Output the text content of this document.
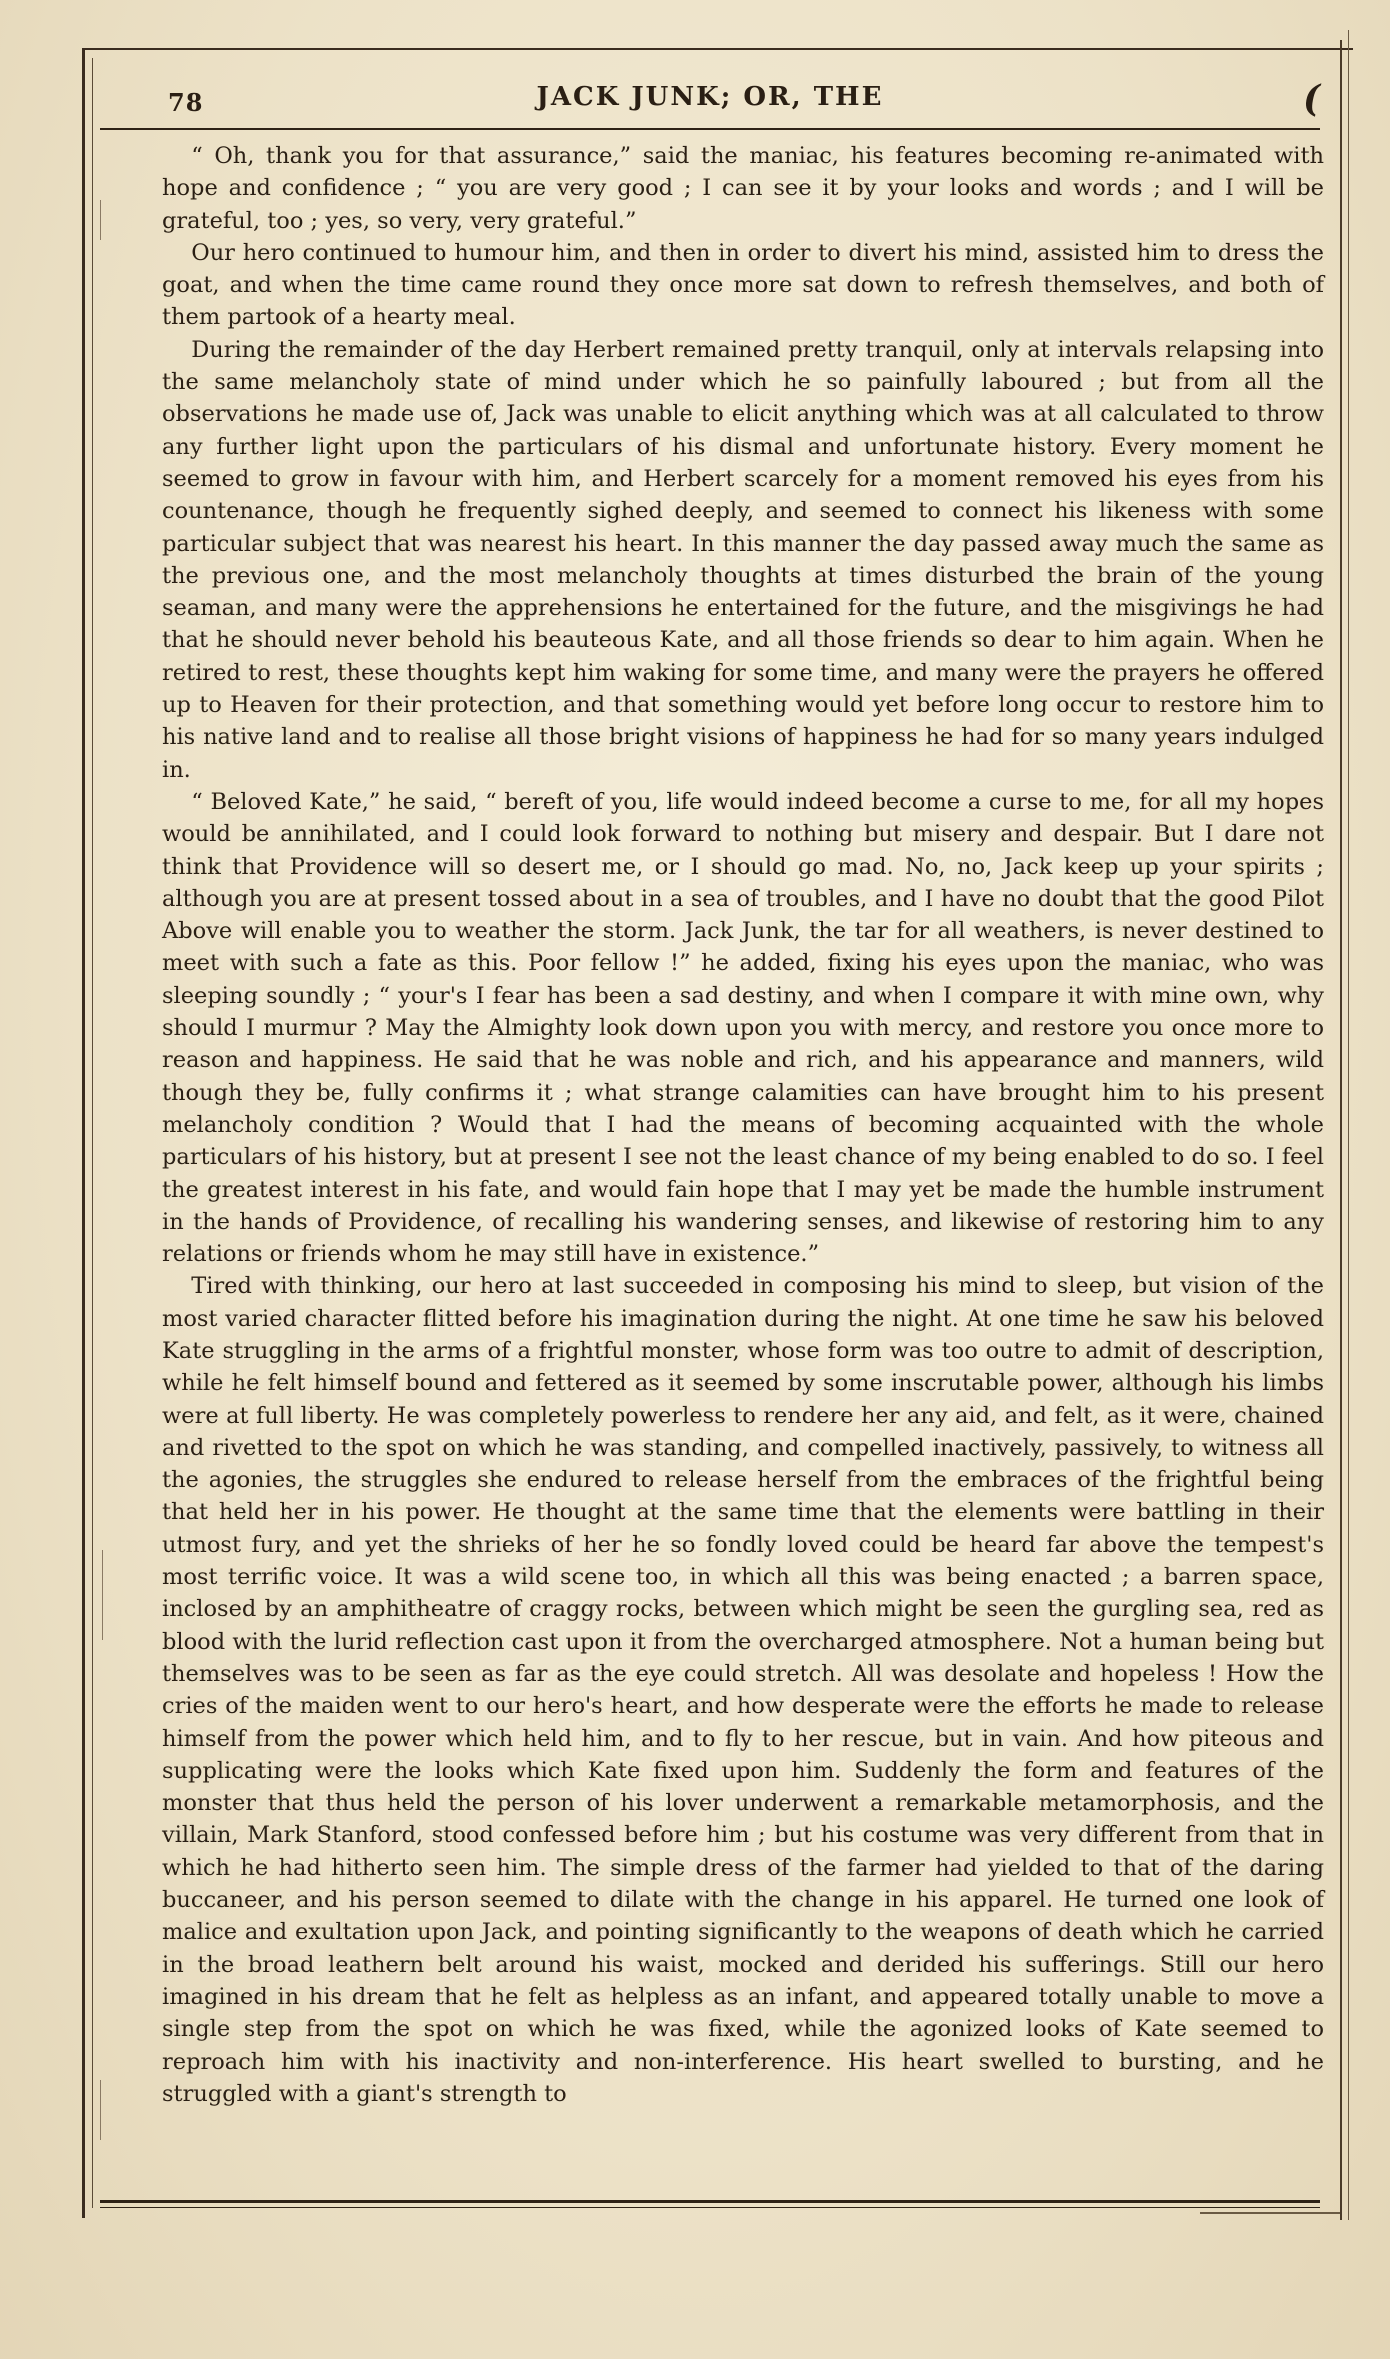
78	JACK JUNK; OR, THE	(

“ Oh, thank you for that assurance,” said the maniac, his features becoming re-animated with hope and confidence ; “ you are very good ; I can see it by your looks and words ; and I will be grateful, too ; yes, so very, very grateful.”

Our hero continued to humour him, and then in order to divert his mind, assisted him to dress the goat, and when the time came round they once more sat down to refresh themselves, and both of them partook of a hearty meal.

During the remainder of the day Herbert remained pretty tranquil, only at intervals relapsing into the same melancholy state of mind under which he so painfully laboured ; but from all the observations he made use of, Jack was unable to elicit anything which was at all calculated to throw any further light upon the particulars of his dismal and unfortunate history. Every moment he seemed to grow in favour with him, and Herbert scarcely for a moment removed his eyes from his countenance, though he frequently sighed deeply, and seemed to connect his likeness with some particular subject that was nearest his heart. In this manner the day passed away much the same as the previous one, and the most melancholy thoughts at times disturbed the brain of the young seaman, and many were the apprehensions he entertained for the future, and the misgivings he had that he should never behold his beauteous Kate, and all those friends so dear to him again. When he retired to rest, these thoughts kept him waking for some time, and many were the prayers he offered up to Heaven for their protection, and that something would yet before long occur to restore him to his native land and to realise all those bright visions of happiness he had for so many years indulged in.

“ Beloved Kate,” he said, “ bereft of you, life would indeed become a curse to me, for all my hopes would be annihilated, and I could look forward to nothing but misery and despair. But I dare not think that Providence will so desert me, or I should go mad. No, no, Jack keep up your spirits ; although you are at present tossed about in a sea of troubles, and I have no doubt that the good Pilot Above will enable you to weather the storm. Jack Junk, the tar for all weathers, is never destined to meet with such a fate as this. Poor fellow !” he added, fixing his eyes upon the maniac, who was sleeping soundly ; “ your's I fear has been a sad destiny, and when I compare it with mine own, why should I murmur ? May the Almighty look down upon you with mercy, and restore you once more to reason and happiness. He said that he was noble and rich, and his appearance and manners, wild though they be, fully confirms it ; what strange calamities can have brought him to his present melancholy condition ? Would that I had the means of becoming acquainted with the whole particulars of his history, but at present I see not the least chance of my being enabled to do so. I feel the greatest interest in his fate, and would fain hope that I may yet be made the humble instrument in the hands of Providence, of recalling his wandering senses, and likewise of restoring him to any relations or friends whom he may still have in existence.”

Tired with thinking, our hero at last succeeded in composing his mind to sleep, but vision of the most varied character flitted before his imagination during the night. At one time he saw his beloved Kate struggling in the arms of a frightful monster, whose form was too outre to admit of description, while he felt himself bound and fettered as it seemed by some inscrutable power, although his limbs were at full liberty. He was completely powerless to rendere her any aid, and felt, as it were, chained and rivetted to the spot on which he was standing, and compelled inactively, passively, to witness all the agonies, the struggles she endured to release herself from the embraces of the frightful being that held her in his power. He thought at the same time that the elements were battling in their utmost fury, and yet the shrieks of her he so fondly loved could be heard far above the tempest's most terrific voice. It was a wild scene too, in which all this was being enacted ; a barren space, inclosed by an amphitheatre of craggy rocks, between which might be seen the gurgling sea, red as blood with the lurid reflection cast upon it from the overcharged atmosphere. Not a human being but themselves was to be seen as far as the eye could stretch. All was desolate and hopeless ! How the cries of the maiden went to our hero's heart, and how desperate were the efforts he made to release himself from the power which held him, and to fly to her rescue, but in vain. And how piteous and supplicating were the looks which Kate fixed upon him. Suddenly the form and features of the monster that thus held the person of his lover underwent a remarkable metamorphosis, and the villain, Mark Stanford, stood confessed before him ; but his costume was very different from that in which he had hitherto seen him. The simple dress of the farmer had yielded to that of the daring buccaneer, and his person seemed to dilate with the change in his apparel. He turned one look of malice and exultation upon Jack, and pointing significantly to the weapons of death which he carried in the broad leathern belt around his waist, mocked and derided his sufferings. Still our hero imagined in his dream that he felt as helpless as an infant, and appeared totally unable to move a single step from the spot on which he was fixed, while the agonized looks of Kate seemed to reproach him with his inactivity and non-interference. His heart swelled to bursting, and he struggled with a giant's strength to
